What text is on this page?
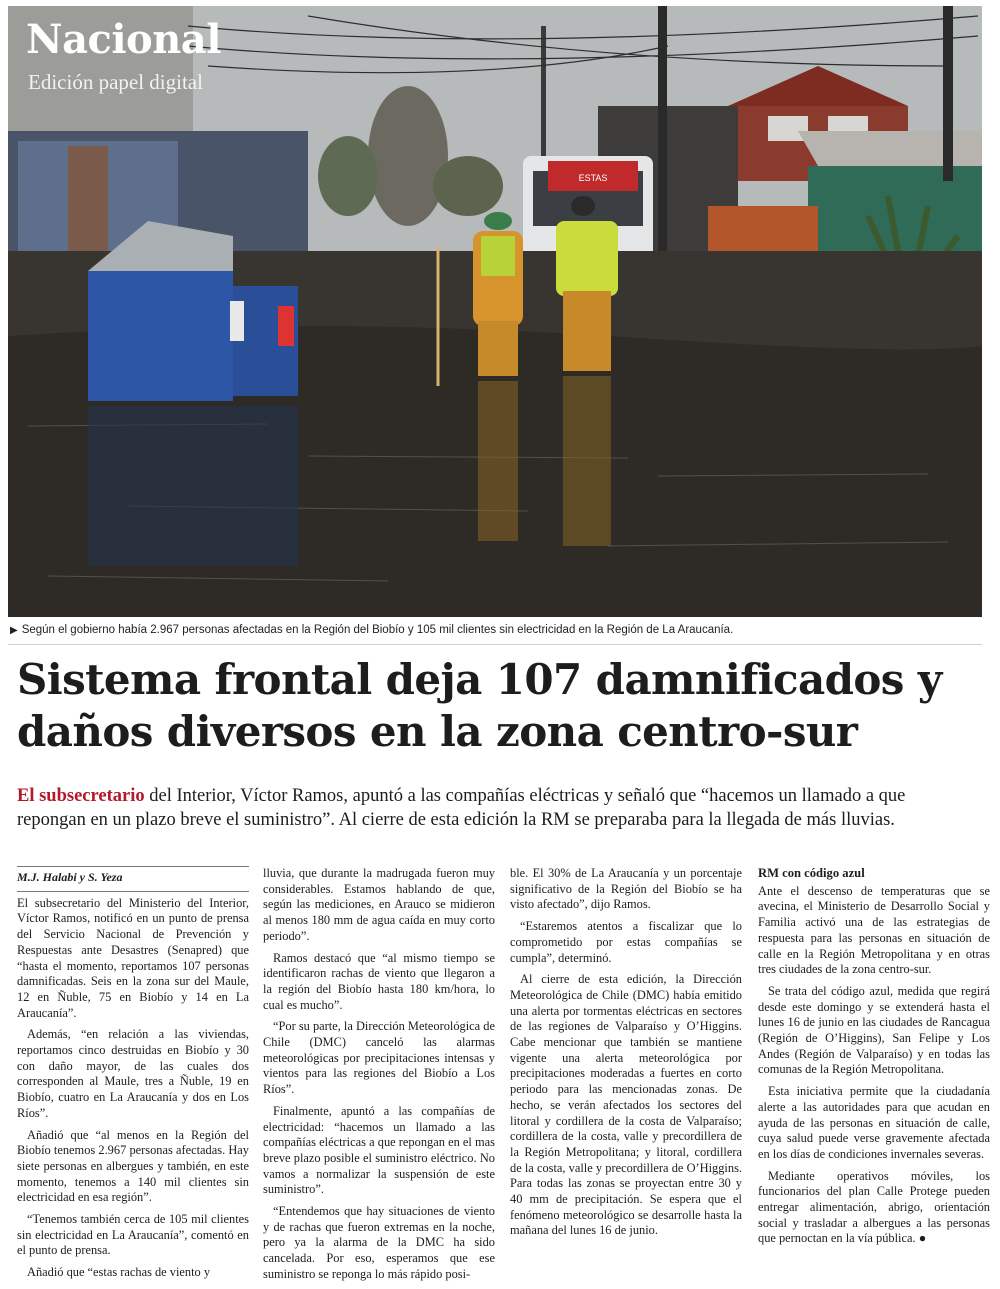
ESTAS
Nacional

Edición papel digital

▶ Según el gobierno había 2.967 personas afectadas en la Región del Biobío y 105 mil clientes sin electricidad en la Región de La Araucanía.
Sistema frontal deja 107 damnificados y daños diversos en la zona centro-sur

El subsecretario del Interior, Víctor Ramos, apuntó a las compañías eléctricas y señaló que “hacemos un llamado a que repongan en un plazo breve el suministro”. Al cierre de esta edición la RM se preparaba para la llegada de más lluvias.

M.J. Halabi y S. Yeza

El subsecretario del Ministerio del Interior, Víctor Ramos, notificó en un punto de prensa del Servicio Nacional de Prevención y Respuestas ante Desastres (Senapred) que “hasta el momento, reportamos 107 personas damnificadas. Seis en la zona sur del Maule, 12 en Ñuble, 75 en Biobío y 14 en La Araucanía”.

Además, “en relación a las viviendas, reportamos cinco destruidas en Biobío y 30 con daño mayor, de las cuales dos corresponden al Maule, tres a Ñuble, 19 en Biobío, cuatro en La Araucanía y dos en Los Ríos”.

Añadió que “al menos en la Región del Biobío tenemos 2.967 personas afectadas. Hay siete personas en albergues y también, en este momento, tenemos a 140 mil clientes sin electricidad en esa región”.

“Tenemos también cerca de 105 mil clientes sin electricidad en La Araucanía”, comentó en el punto de prensa.

Añadió que “estas rachas de viento y

lluvia, que durante la madrugada fueron muy considerables. Estamos hablando de que, según las mediciones, en Arauco se midieron al menos 180 mm de agua caída en muy corto periodo”.

Ramos destacó que “al mismo tiempo se identificaron rachas de viento que llegaron a la región del Biobío hasta 180 km/hora, lo cual es mucho”.

“Por su parte, la Dirección Meteorológica de Chile (DMC) canceló las alarmas meteorológicas por precipitaciones intensas y vientos para las regiones del Biobío a Los Ríos”.

Finalmente, apuntó a las compañías de electricidad: “hacemos un llamado a las compañías eléctricas a que repongan en el mas breve plazo posible el suministro eléctrico. No vamos a normalizar la suspensión de este suministro”.

“Entendemos que hay situaciones de viento y de rachas que fueron extremas en la noche, pero ya la alarma de la DMC ha sido cancelada. Por eso, esperamos que ese suministro se reponga lo más rápido posi-

ble. El 30% de La Araucanía y un porcentaje significativo de la Región del Biobío se ha visto afectado”, dijo Ramos.

“Estaremos atentos a fiscalizar que lo comprometido por estas compañías se cumpla”, determinó.

Al cierre de esta edición, la Dirección Meteorológica de Chile (DMC) había emitido una alerta por tormentas eléctricas en sectores de las regiones de Valparaíso y O’Higgins. Cabe mencionar que también se mantiene vigente una alerta meteorológica por precipitaciones moderadas a fuertes en corto periodo para las mencionadas zonas. De hecho, se verán afectados los sectores del litoral y cordillera de la costa de Valparaíso; cordillera de la costa, valle y precordillera de la Región Metropolitana; y litoral, cordillera de la costa, valle y precordillera de O’Higgins. Para todas las zonas se proyectan entre 30 y 40 mm de precipitación. Se espera que el fenómeno meteorológico se desarrolle hasta la mañana del lunes 16 de junio.

RM con código azul

Ante el descenso de temperaturas que se avecina, el Ministerio de Desarrollo Social y Familia activó una de las estrategias de respuesta para las personas en situación de calle en la Región Metropolitana y en otras tres ciudades de la zona centro-sur.

Se trata del código azul, medida que regirá desde este domingo y se extenderá hasta el lunes 16 de junio en las ciudades de Rancagua (Región de O’Higgins), San Felipe y Los Andes (Región de Valparaíso) y en todas las comunas de la Región Metropolitana.

Esta iniciativa permite que la ciudadanía alerte a las autoridades para que acudan en ayuda de las personas en situación de calle, cuya salud puede verse gravemente afectada en los días de condiciones invernales severas.

Mediante operativos móviles, los funcionarios del plan Calle Protege pueden entregar alimentación, abrigo, orientación social y trasladar a albergues a las personas que pernoctan en la vía pública. ●
